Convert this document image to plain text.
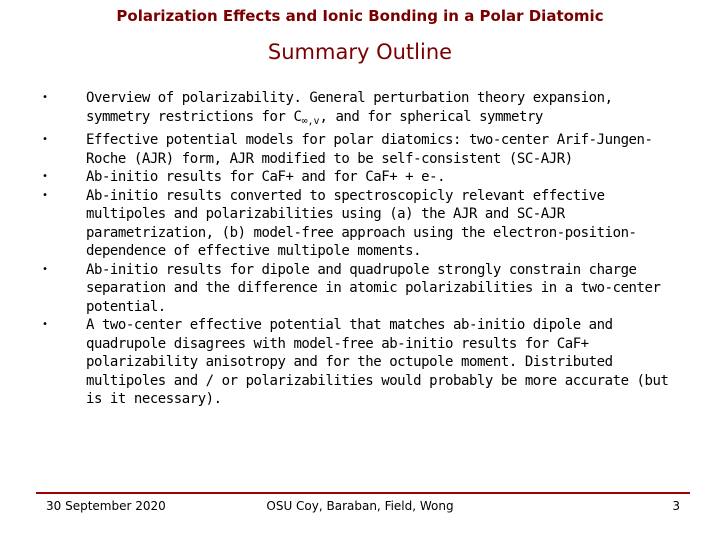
Polarization Effects and Ionic Bonding in a Polar Diatomic
Summary Outline
•	Overview of polarizability. General perturbation theory expansion, symmetry restrictions for $C_{\infty,v}$, and for spherical symmetry
•	Effective potential models for polar diatomics: two-center Arif-Jungen-Roche (AJR) form, AJR modified to be self-consistent (SC-AJR)
•	Ab-initio results for CaF+ and for CaF+ + e-.
•	Ab-initio results converted to spectroscopicly relevant effective multipoles and polarizabilities using (a) the AJR and SC-AJR parametrization, (b) model-free approach using the electron-position-dependence of effective multipole moments.
•	Ab-initio results for dipole and quadrupole strongly constrain charge separation and the difference in atomic polarizabilities in a two-center potential.
•	A two-center effective potential that matches ab-initio dipole and quadrupole disagrees with model-free ab-initio results for CaF+ polarizability anisotropy and for the octupole moment. Distributed multipoles and / or polarizabilities would probably be more accurate (but is it necessary).
30 September 2020	OSU Coy, Baraban, Field, Wong	3
